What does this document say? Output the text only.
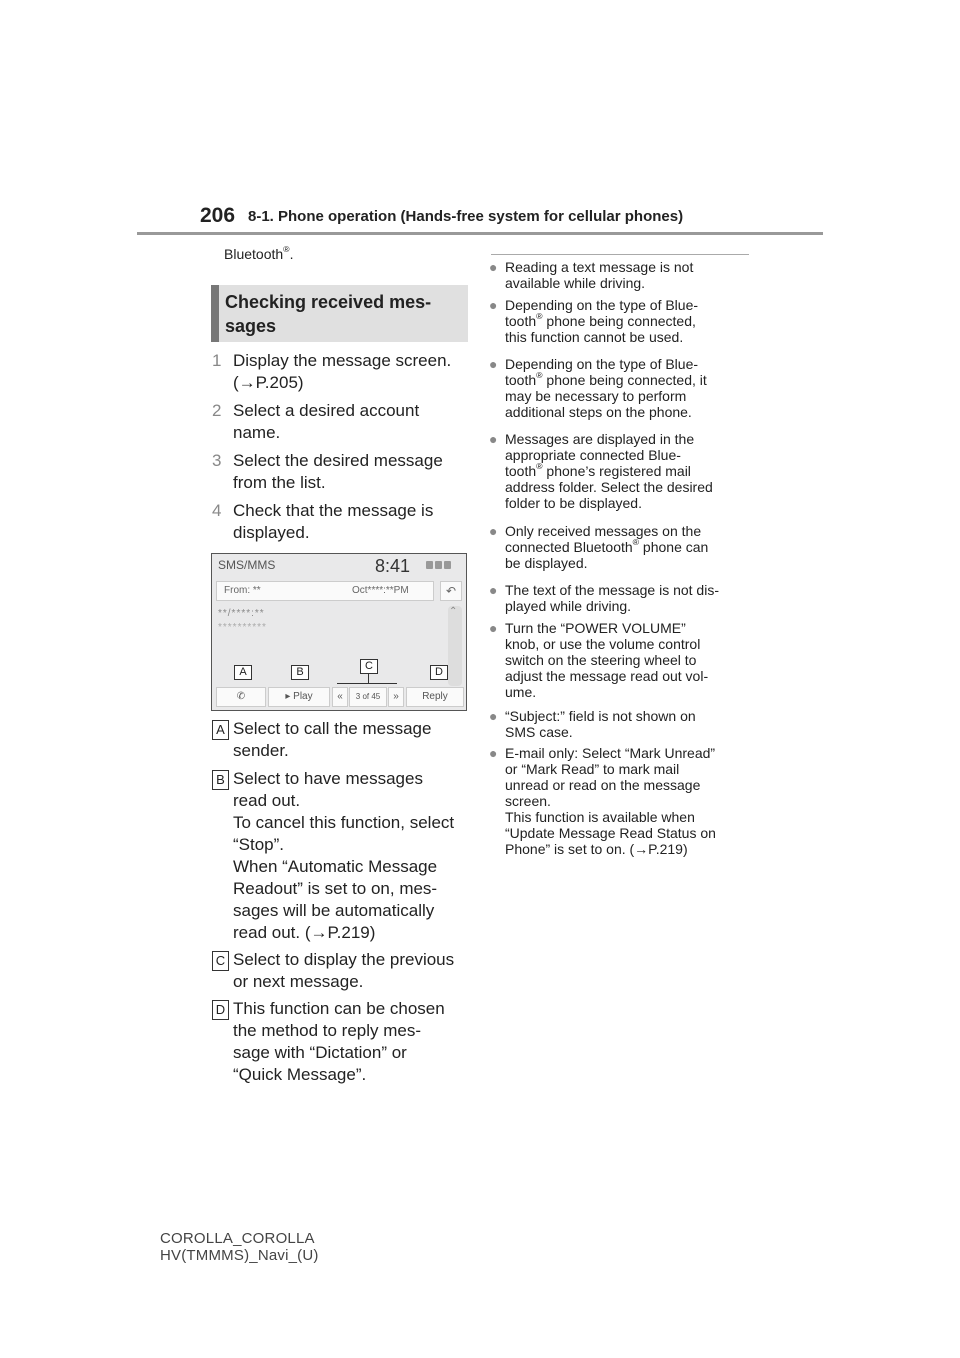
206 8-1. Phone operation (Hands-free system for cellular phones)
Bluetooth®.
Checking received mes-
sages
1 Display the message screen.
(→P.205)
2 Select a desired account
name.
3 Select the desired message
from the list.
4 Check that the message is
displayed.
SMS/MMS	8:41
From: **	Oct****:**PM	↶
**/****:**
**********
⌃
A	B	C	D
✆	▸ Play	«	3 of 45	»	Reply
A Select to call the message
sender.
B Select to have messages
read out.
To cancel this function, select
“Stop”.
When “Automatic Message
Readout” is set to on, mes-
sages will be automatically
read out. (→P.219)
C Select to display the previous
or next message.
D This function can be chosen
the method to reply mes-
sage with “Dictation” or
“Quick Message”.
● Reading a text message is not
available while driving.
● Depending on the type of Blue-
tooth® phone being connected,
this function cannot be used.
● Depending on the type of Blue-
tooth® phone being connected, it
may be necessary to perform
additional steps on the phone.
● Messages are displayed in the
appropriate connected Blue-
tooth® phone’s registered mail
address folder. Select the desired
folder to be displayed.
● Only received messages on the
connected Bluetooth® phone can
be displayed.
● The text of the message is not dis-
played while driving.
● Turn the “POWER VOLUME”
knob, or use the volume control
switch on the steering wheel to
adjust the message read out vol-
ume.
● “Subject:” field is not shown on
SMS case.
● E-mail only: Select “Mark Unread”
or “Mark Read” to mark mail
unread or read on the message
screen.
This function is available when
“Update Message Read Status on
Phone” is set to on. (→P.219)
COROLLA_COROLLA
HV(TMMMS)_Navi_(U)
